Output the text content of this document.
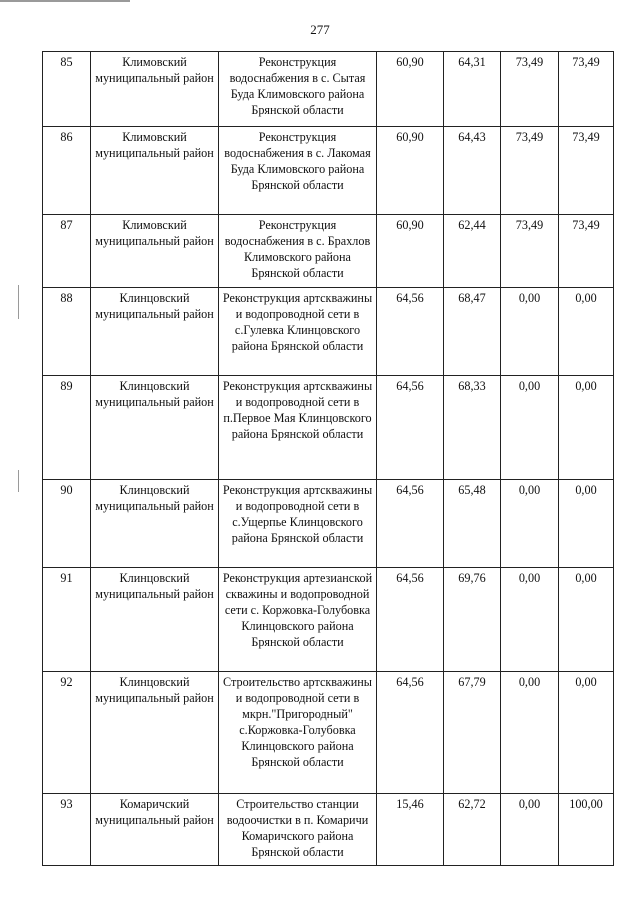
277
85	Климовский муниципальный район	Реконструкция водоснабжения в с. Сытая Буда Климовского района Брянской области	60,90	64,31	73,49	73,49
86	Климовский муниципальный район	Реконструкция водоснабжения в с. Лакомая Буда Климовского района Брянской области	60,90	64,43	73,49	73,49
87	Климовский муниципальный район	Реконструкция водоснабжения в с. Брахлов Климовского района Брянской области	60,90	62,44	73,49	73,49
88	Клинцовский муниципальный район	Реконструкция артскважины и водопроводной сети в с.Гулевка Клинцовского района Брянской области	64,56	68,47	0,00	0,00
89	Клинцовский муниципальный район	Реконструкция артскважины и водопроводной сети в п.Первое Мая Клинцовского района Брянской области	64,56	68,33	0,00	0,00
90	Клинцовский муниципальный район	Реконструкция артскважины и водопроводной сети в с.Ущерпье Клинцовского района Брянской области	64,56	65,48	0,00	0,00
91	Клинцовский муниципальный район	Реконструкция артезианской скважины и водопроводной сети с. Коржовка-Голубовка Клинцовского района Брянской области	64,56	69,76	0,00	0,00
92	Клинцовский муниципальный район	Строительство артскважины и водопроводной сети в мкрн."Пригородный" с.Коржовка-Голубовка Клинцовского района Брянской области	64,56	67,79	0,00	0,00
93	Комаричский муниципальный район	Строительство станции водоочистки в п. Комаричи Комаричского района Брянской области	15,46	62,72	0,00	100,00
